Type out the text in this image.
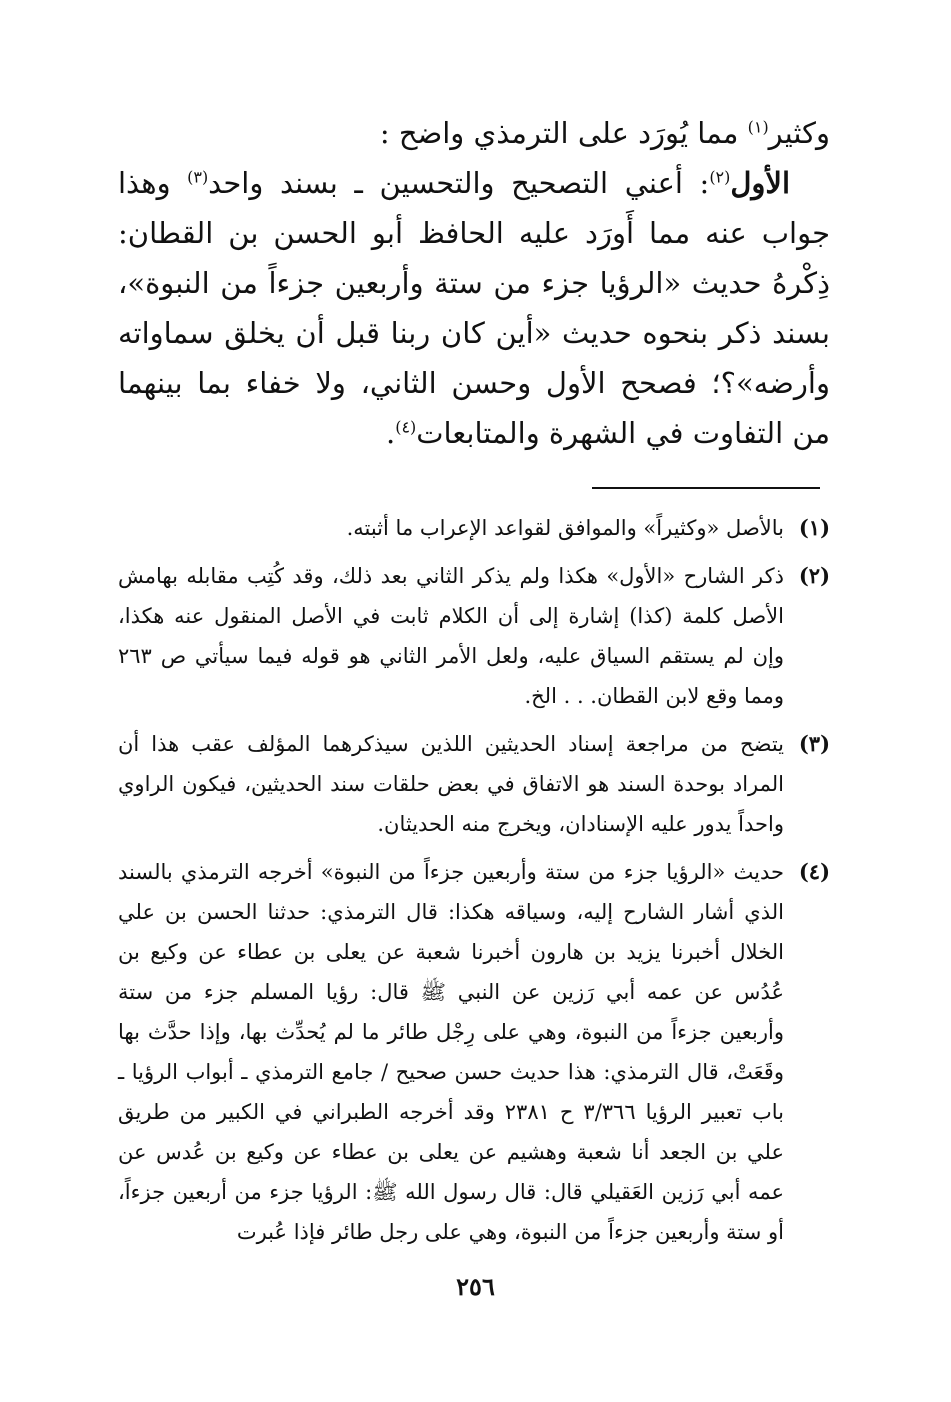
وكثير$^{(١)}$ مما يُورَد على الترمذي واضح :

الأول$^{(٢)}$: أعني التصحيح والتحسين ـ بسند واحد$^{(٣)}$ وهذا جواب عنه مما أَورَد عليه الحافظ أبو الحسن بن القطان: ذِكْرهُ حديث «الرؤيا جزء من ستة وأربعين جزءاً من النبوة»، بسند ذكر بنحوه حديث «أين كان ربنا قبل أن يخلق سماواته وأرضه»؟؛ فصحح الأول وحسن الثاني، ولا خفاء بما بينهما من التفاوت في الشهرة والمتابعات$^{(٤)}$.

(١)
بالأصل «وكثيراً» والموافق لقواعد الإعراب ما أثبته.
(٢)
ذكر الشارح «الأول» هكذا ولم يذكر الثاني بعد ذلك، وقد كُتِب مقابله بهامش الأصل كلمة (كذا) إشارة إلى أن الكلام ثابت في الأصل المنقول عنه هكذا، وإن لم يستقم السياق عليه، ولعل الأمر الثاني هو قوله فيما سيأتي ص ٢٦٣ ومما وقع لابن القطان. . . الخ.
(٣)
يتضح من مراجعة إسناد الحديثين اللذين سيذكرهما المؤلف عقب هذا أن المراد بوحدة السند هو الاتفاق في بعض حلقات سند الحديثين، فيكون الراوي واحداً يدور عليه الإسنادان، ويخرج منه الحديثان.
(٤)
حديث «الرؤيا جزء من ستة وأربعين جزءاً من النبوة» أخرجه الترمذي بالسند الذي أشار الشارح إليه، وسياقه هكذا: قال الترمذي: حدثنا الحسن بن علي الخلال أخبرنا يزيد بن هارون أخبرنا شعبة عن يعلى بن عطاء عن وكيع بن عُدُس عن عمه أبي رَزين عن النبي ﷺ قال: رؤيا المسلم جزء من ستة وأربعين جزءاً من النبوة، وهي على رِجْل طائر ما لم يُحدِّث بها، وإذا حدَّث بها وقَعَتْ، قال الترمذي: هذا حديث حسن صحيح / جامع الترمذي ـ أبواب الرؤيا ـ باب تعبير الرؤيا ٣/٣٦٦ ح ٢٣٨١ وقد أخرجه الطبراني في الكبير من طريق علي بن الجعد أنا شعبة وهشيم عن يعلى بن عطاء عن وكيع بن عُدس عن عمه أبي رَزين العَقيلي قال: قال رسول الله ﷺ: الرؤيا جزء من أربعين جزءاً، أو ستة وأربعين جزءاً من النبوة، وهي على رجل طائر فإذا عُبرت
٢٥٦
